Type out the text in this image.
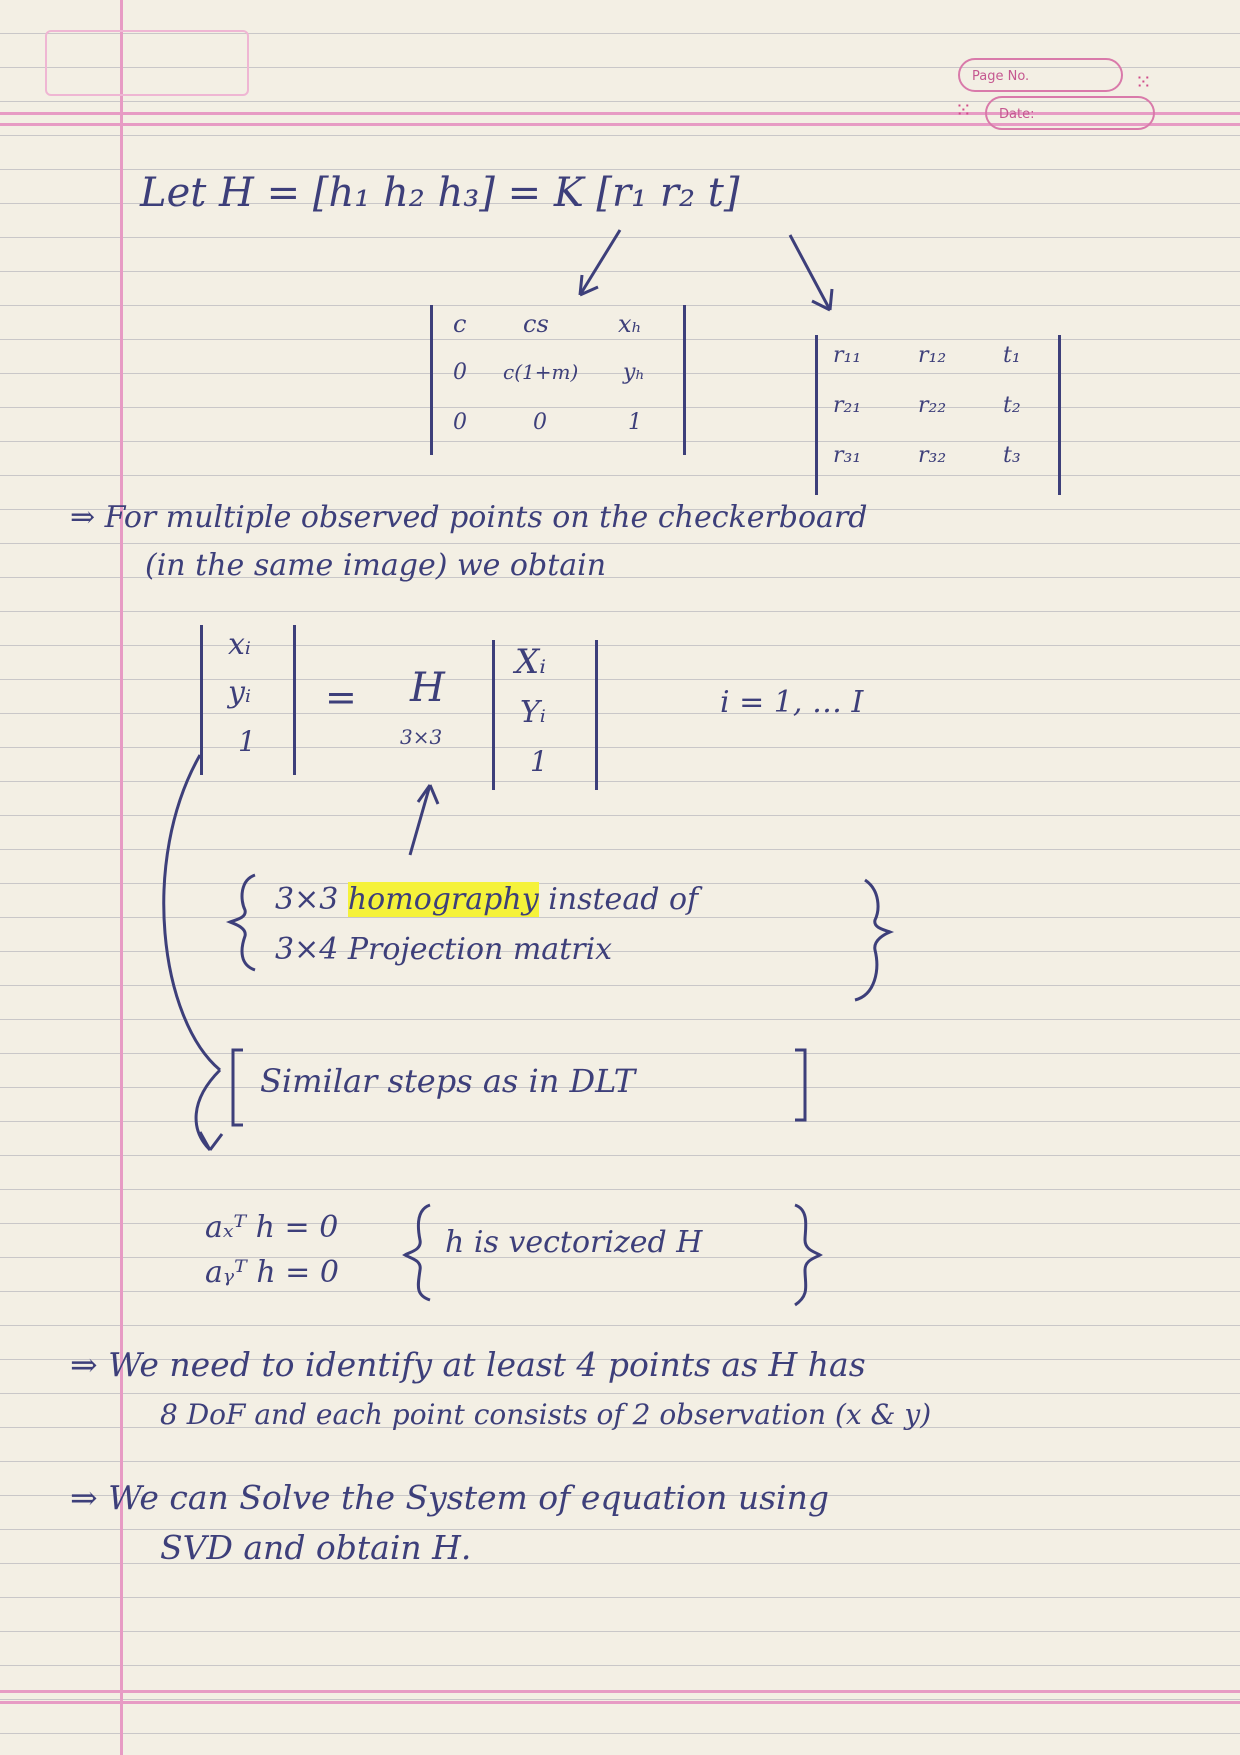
Page No.
Date:
⁙
⁙
Let H = [h₁ h₂ h₃] = K [r₁ r₂ t]
c cs	xₕ
0 c(1+m) yₕ
0	0	1
r₁₁	r₁₂	t₁
r₂₁	r₂₂	t₂
r₃₁	r₃₂	t₃
⇒ For multiple observed points on the checkerboard
(in the same image) we obtain
xᵢ
yᵢ
1
= H
3×3
Xᵢ
Yᵢ
1
i = 1, … I
3×3 homography instead of
3×4 Projection matrix
Similar steps as in DLT
aₓᵀ h = 0
aᵧᵀ h = 0
h is vectorized H
⇒ We need to identify at least 4 points as H has
8 DoF and each point consists of 2 observation (x & y)
⇒ We can Solve the System of equation using
SVD and obtain H.
